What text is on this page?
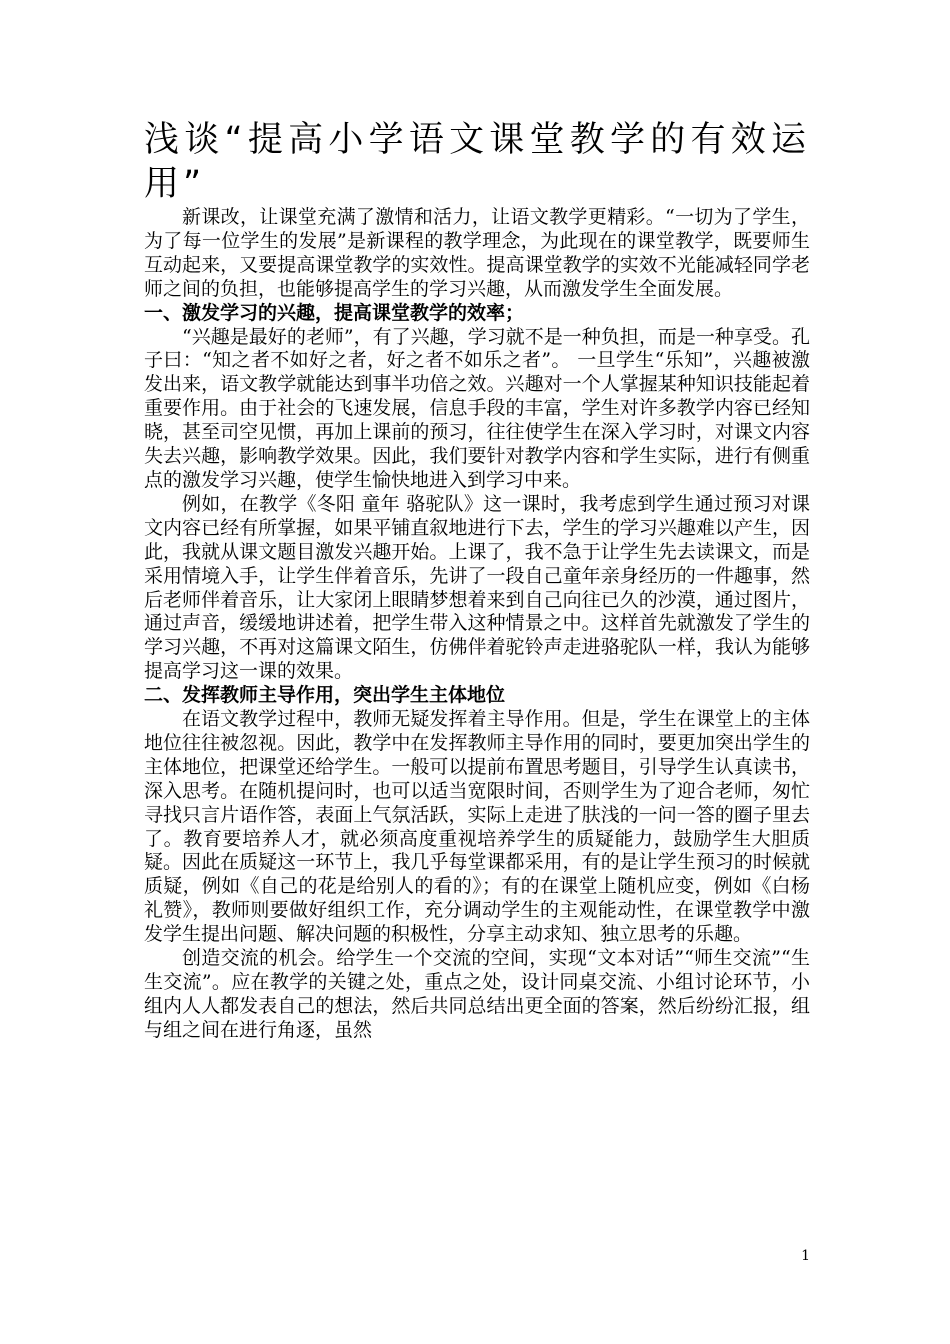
浅谈“提高小学语文课堂教学的有效运用”

新课改，让课堂充满了激情和活力，让语文教学更精彩。“一切为了学生，为了每一位学生的发展”是新课程的教学理念，为此现在的课堂教学，既要师生互动起来，又要提高课堂教学的实效性。提高课堂教学的实效不光能减轻同学老师之间的负担，也能够提高学生的学习兴趣，从而激发学生全面发展。

一、激发学习的兴趣，提高课堂教学的效率；

“兴趣是最好的老师”，有了兴趣，学习就不是一种负担，而是一种享受。孔子曰：“知之者不如好之者，好之者不如乐之者”。 一旦学生“乐知”，兴趣被激发出来，语文教学就能达到事半功倍之效。兴趣对一个人掌握某种知识技能起着重要作用。由于社会的飞速发展，信息手段的丰富，学生对许多教学内容已经知晓，甚至司空见惯，再加上课前的预习，往往使学生在深入学习时，对课文内容失去兴趣，影响教学效果。因此，我们要针对教学内容和学生实际，进行有侧重点的激发学习兴趣，使学生愉快地进入到学习中来。

例如，在教学《冬阳 童年 骆驼队》这一课时，我考虑到学生通过预习对课文内容已经有所掌握，如果平铺直叙地进行下去，学生的学习兴趣难以产生，因此，我就从课文题目激发兴趣开始。上课了，我不急于让学生先去读课文，而是采用情境入手，让学生伴着音乐，先讲了一段自己童年亲身经历的一件趣事，然后老师伴着音乐，让大家闭上眼睛梦想着来到自己向往已久的沙漠，通过图片，通过声音，缓缓地讲述着，把学生带入这种情景之中。这样首先就激发了学生的学习兴趣，不再对这篇课文陌生，仿佛伴着驼铃声走进骆驼队一样，我认为能够提高学习这一课的效果。

二、发挥教师主导作用，突出学生主体地位

在语文教学过程中，教师无疑发挥着主导作用。但是，学生在课堂上的主体地位往往被忽视。因此，教学中在发挥教师主导作用的同时，要更加突出学生的主体地位，把课堂还给学生。一般可以提前布置思考题目，引导学生认真读书，深入思考。在随机提问时，也可以适当宽限时间，否则学生为了迎合老师，匆忙寻找只言片语作答，表面上气氛活跃，实际上走进了肤浅的一问一答的圈子里去了。教育要培养人才，就必须高度重视培养学生的质疑能力，鼓励学生大胆质疑。因此在质疑这一环节上，我几乎每堂课都采用，有的是让学生预习的时候就质疑，例如《自己的花是给别人的看的》；有的在课堂上随机应变，例如《白杨礼赞》，教师则要做好组织工作，充分调动学生的主观能动性，在课堂教学中激发学生提出问题、解决问题的积极性，分享主动求知、独立思考的乐趣。

创造交流的机会。给学生一个交流的空间，实现“文本对话”“师生交流”“生生交流”。应在教学的关键之处，重点之处，设计同桌交流、小组讨论环节，小组内人人都发表自己的想法，然后共同总结出更全面的答案，然后纷纷汇报，组与组之间在进行角逐，虽然

1
